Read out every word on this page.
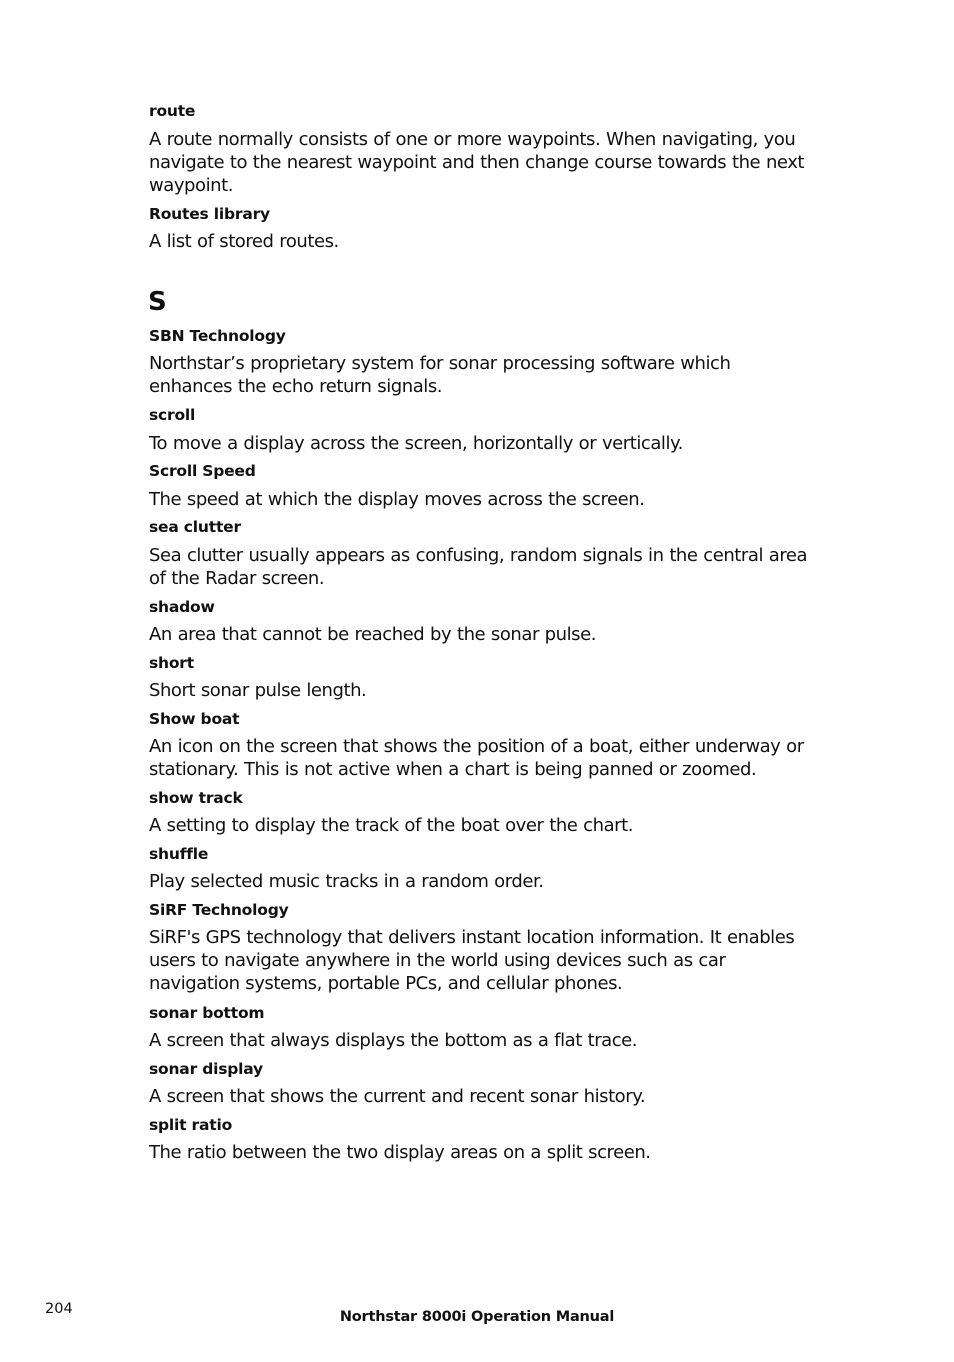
route
A route normally consists of one or more waypoints. When navigating, you navigate to the nearest waypoint and then change course towards the next waypoint.
Routes library
A list of stored routes.
S
SBN Technology
Northstar’s proprietary system for sonar processing software which enhances the echo return signals.
scroll
To move a display across the screen, horizontally or vertically.
Scroll Speed
The speed at which the display moves across the screen.
sea clutter
Sea clutter usually appears as confusing, random signals in the central area of the Radar screen.
shadow
An area that cannot be reached by the sonar pulse.
short
Short sonar pulse length.
Show boat
An icon on the screen that shows the position of a boat, either underway or stationary. This is not active when a chart is being panned or zoomed.
show track
A setting to display the track of the boat over the chart.
shuffle
Play selected music tracks in a random order.
SiRF Technology
SiRF's GPS technology that delivers instant location information. It enables users to navigate anywhere in the world using devices such as car navigation systems, portable PCs, and cellular phones.
sonar bottom
A screen that always displays the bottom as a flat trace.
sonar display
A screen that shows the current and recent sonar history.
split ratio
The ratio between the two display areas on a split screen.
204	Northstar 8000i Operation Manual
